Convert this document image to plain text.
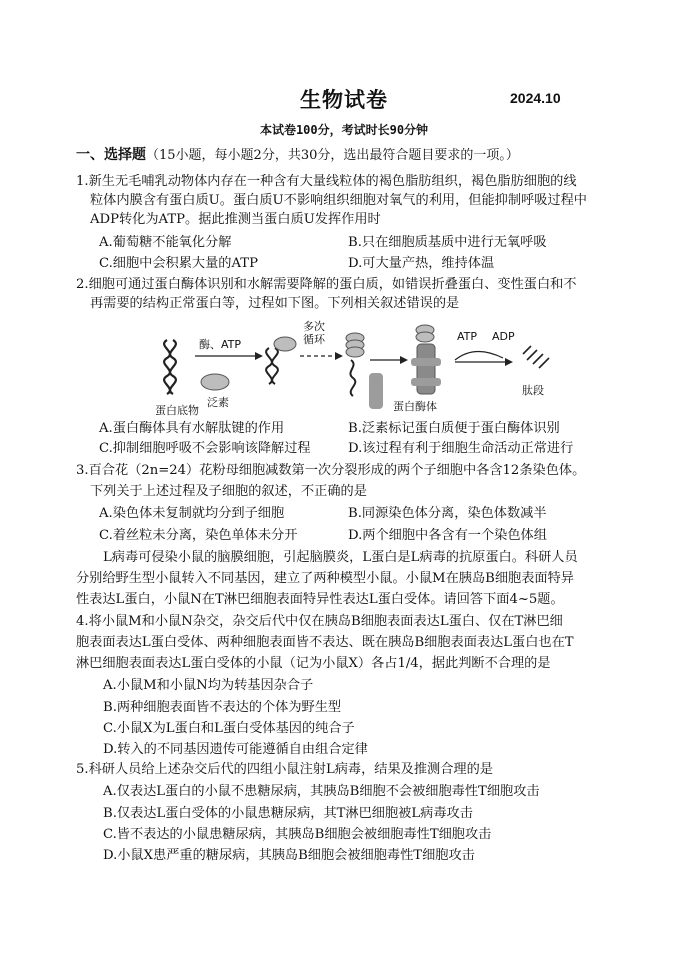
生物试卷	2024.10
本试卷100分，考试时长90分钟
一、选择题（15小题，每小题2分，共30分，选出最符合题目要求的一项。）
1.新生无毛哺乳动物体内存在一种含有大量线粒体的褐色脂肪组织，褐色脂肪细胞的线
粒体内膜含有蛋白质U。蛋白质U不影响组织细胞对氧气的利用，但能抑制呼吸过程中
ADP转化为ATP。据此推测当蛋白质U发挥作用时
A.葡萄糖不能氧化分解	B.只在细胞质基质中进行无氧呼吸
C.细胞中会积累大量的ATP	D.可大量产热，维持体温
2.细胞可通过蛋白酶体识别和水解需要降解的蛋白质，如错误折叠蛋白、变性蛋白和不
再需要的结构正常蛋白等，过程如下图。下列相关叙述错误的是
蛋白底物
泛素
酶、ATP
多次
循环
蛋白酶体
ATP ADP
肽段
A.蛋白酶体具有水解肽键的作用	B.泛素标记蛋白质便于蛋白酶体识别
C.抑制细胞呼吸不会影响该降解过程	D.该过程有利于细胞生命活动正常进行
3.百合花（2n=24）花粉母细胞减数第一次分裂形成的两个子细胞中各含12条染色体。
下列关于上述过程及子细胞的叙述，不正确的是
A.染色体未复制就均分到子细胞	B.同源染色体分离，染色体数减半
C.着丝粒未分离，染色单体未分开	D.两个细胞中各含有一个染色体组
L病毒可侵染小鼠的脑膜细胞，引起脑膜炎，L蛋白是L病毒的抗原蛋白。科研人员
分别给野生型小鼠转入不同基因，建立了两种模型小鼠。小鼠M在胰岛B细胞表面特异
性表达L蛋白，小鼠N在T淋巴细胞表面特异性表达L蛋白受体。请回答下面4~5题。
4.将小鼠M和小鼠N杂交，杂交后代中仅在胰岛B细胞表面表达L蛋白、仅在T淋巴细
胞表面表达L蛋白受体、两种细胞表面皆不表达、既在胰岛B细胞表面表达L蛋白也在T
淋巴细胞表面表达L蛋白受体的小鼠（记为小鼠X）各占1/4，据此判断不合理的是
A.小鼠M和小鼠N均为转基因杂合子
B.两种细胞表面皆不表达的个体为野生型
C.小鼠X为L蛋白和L蛋白受体基因的纯合子
D.转入的不同基因遗传可能遵循自由组合定律
5.科研人员给上述杂交后代的四组小鼠注射L病毒，结果及推测合理的是
A.仅表达L蛋白的小鼠不患糖尿病，其胰岛B细胞不会被细胞毒性T细胞攻击
B.仅表达L蛋白受体的小鼠患糖尿病，其T淋巴细胞被L病毒攻击
C.皆不表达的小鼠患糖尿病，其胰岛B细胞会被细胞毒性T细胞攻击
D.小鼠X患严重的糖尿病，其胰岛B细胞会被细胞毒性T细胞攻击
